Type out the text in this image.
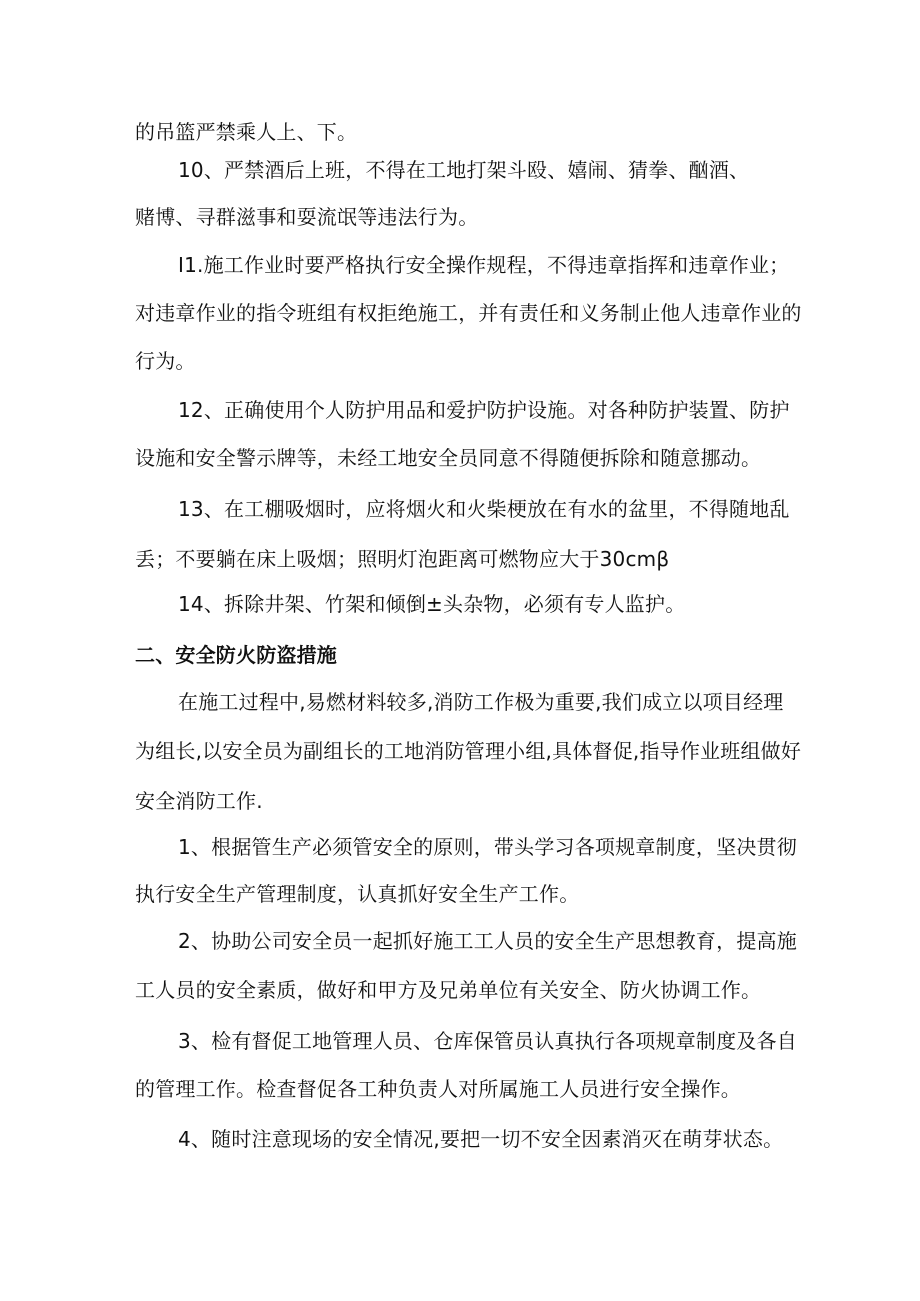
的吊篮严禁乘人上、下。
10、严禁酒后上班，不得在工地打架斗殴、嬉闹、猜拳、酗酒、
赌博、寻群滋事和耍流氓等违法行为。
I1.施工作业时要严格执行安全操作规程，不得违章指挥和违章作业；
对违章作业的指令班组有权拒绝施工，并有责任和义务制止他人违章作业的
行为。
12、正确使用个人防护用品和爱护防护设施。对各种防护装置、防护
设施和安全警示牌等，未经工地安全员同意不得随便拆除和随意挪动。
13、在工棚吸烟时，应将烟火和火柴梗放在有水的盆里，不得随地乱
丢；不要躺在床上吸烟；照明灯泡距离可燃物应大于30cmβ
14、拆除井架、竹架和倾倒±头杂物，必须有专人监护。
二、安全防火防盗措施
在施工过程中,易燃材料较多,消防工作极为重要,我们成立以项目经理
为组长,以安全员为副组长的工地消防管理小组,具体督促,指导作业班组做好
安全消防工作.
1、根据管生产必须管安全的原则，带头学习各项规章制度，坚决贯彻
执行安全生产管理制度，认真抓好安全生产工作。
2、协助公司安全员一起抓好施工工人员的安全生产思想教育，提高施
工人员的安全素质，做好和甲方及兄弟单位有关安全、防火协调工作。
3、检有督促工地管理人员、仓库保管员认真执行各项规章制度及各自
的管理工作。检查督促各工种负责人对所属施工人员进行安全操作。
4、随时注意现场的安全情况,要把一切不安全因素消灭在萌芽状态。
